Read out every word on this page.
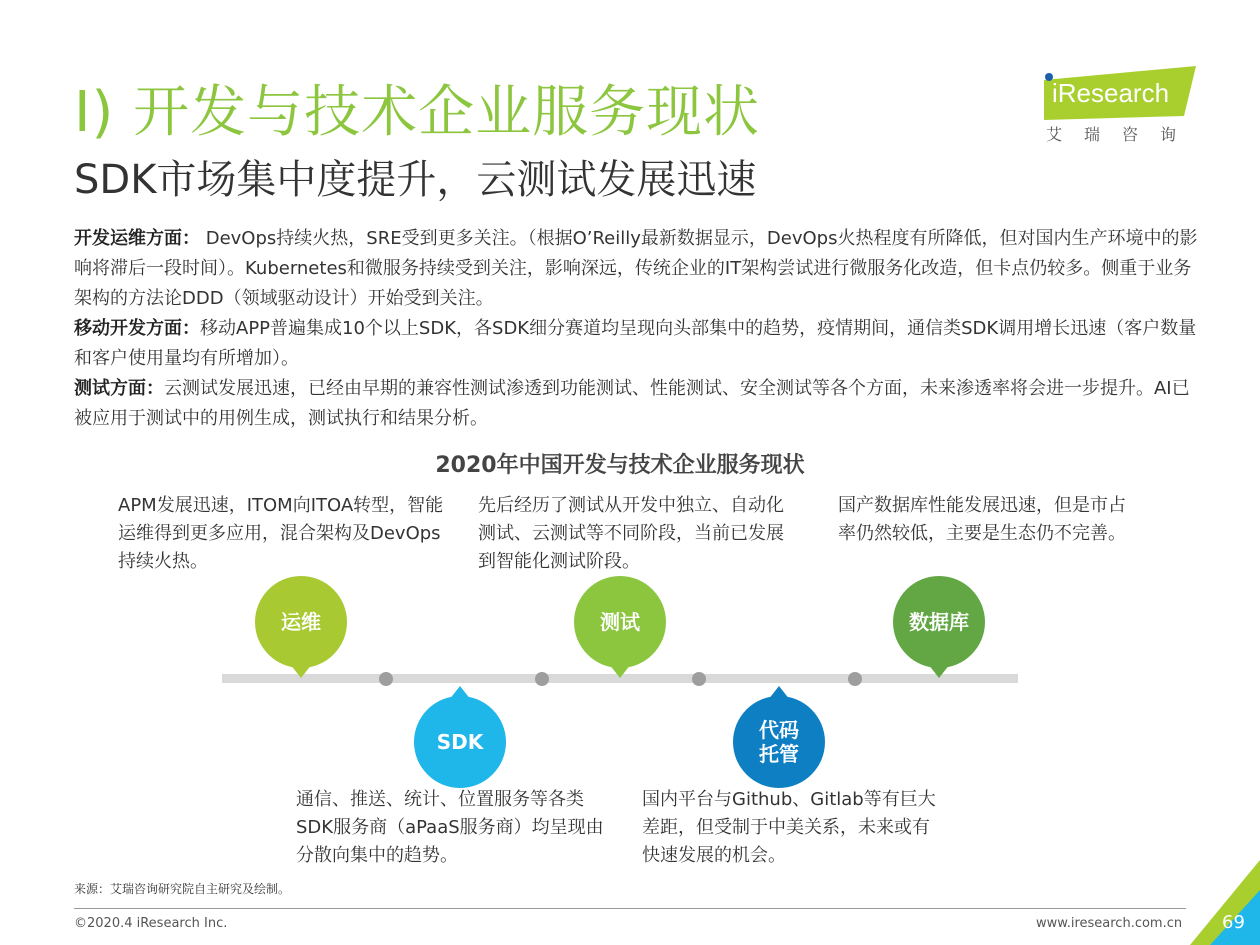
I) 开发与技术企业服务现状
SDK市场集中度提升，云测试发展迅速
iResearch
艾瑞咨询

开发运维方面： DevOps持续火热，SRE受到更多关注。（根据O’Reilly最新数据显示，DevOps火热程度有所降低，但对国内生产环境中的影响将滞后一段时间）。Kubernetes和微服务持续受到关注，影响深远，传统企业的IT架构尝试进行微服务化改造，但卡点仍较多。侧重于业务架构的方法论DDD（领域驱动设计）开始受到关注。

移动开发方面：移动APP普遍集成10个以上SDK，各SDK细分赛道均呈现向头部集中的趋势，疫情期间，通信类SDK调用增长迅速（客户数量和客户使用量均有所增加）。

测试方面：云测试发展迅速，已经由早期的兼容性测试渗透到功能测试、性能测试、安全测试等各个方面，未来渗透率将会进一步提升。AI已被应用于测试中的用例生成，测试执行和结果分析。

2020年中国开发与技术企业服务现状
APM发展迅速，ITOM向ITOA转型，智能运维得到更多应用，混合架构及DevOps持续火热。
先后经历了测试从开发中独立、自动化测试、云测试等不同阶段，当前已发展到智能化测试阶段。
国产数据库性能发展迅速，但是市占率仍然较低，主要是生态仍不完善。
通信、推送、统计、位置服务等各类SDK服务商（aPaaS服务商）均呈现由分散向集中的趋势。
国内平台与Github、Gitlab等有巨大差距，但受制于中美关系，未来或有快速发展的机会。
运维	测试	数据库
SDK	代码
托管
来源：艾瑞咨询研究院自主研究及绘制。
©2020.4 iResearch Inc.	www.iresearch.com.cn 69
